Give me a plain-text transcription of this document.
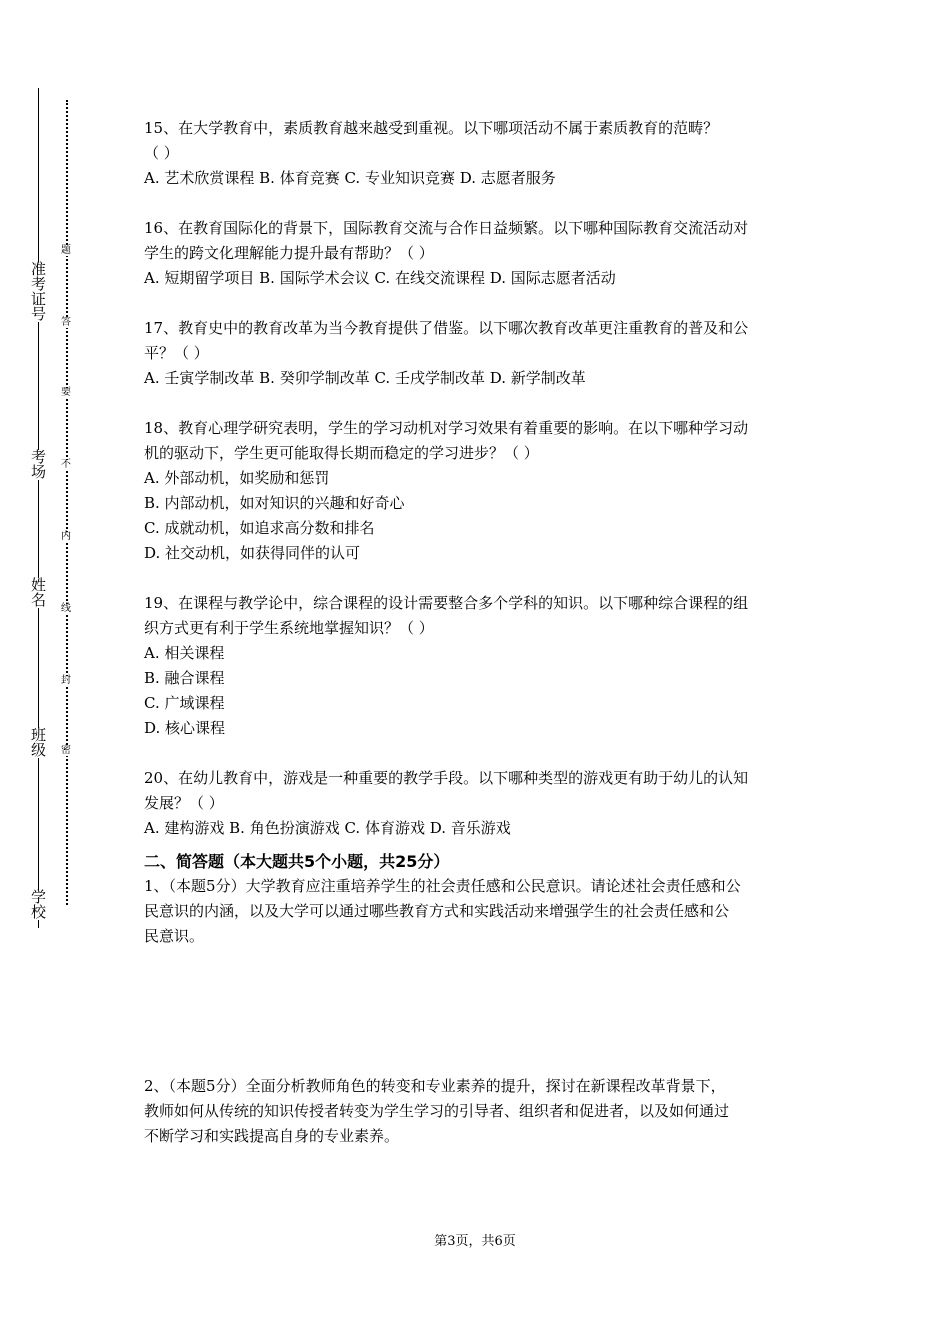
准
考
证
号
考
场
姓
名
班
级
学
校
题
答
要
不
内
线
封
密

15、在大学教育中，素质教育越来越受到重视。以下哪项活动不属于素质教育的范畴？

（ ）

A. 艺术欣赏课程 B. 体育竞赛 C. 专业知识竞赛 D. 志愿者服务

16、在教育国际化的背景下，国际教育交流与合作日益频繁。以下哪种国际教育交流活动对

学生的跨文化理解能力提升最有帮助？（ ）

A. 短期留学项目 B. 国际学术会议 C. 在线交流课程 D. 国际志愿者活动

17、教育史中的教育改革为当今教育提供了借鉴。以下哪次教育改革更注重教育的普及和公

平？（ ）

A. 壬寅学制改革 B. 癸卯学制改革 C. 壬戌学制改革 D. 新学制改革

18、教育心理学研究表明，学生的学习动机对学习效果有着重要的影响。在以下哪种学习动

机的驱动下，学生更可能取得长期而稳定的学习进步？（ ）

A. 外部动机，如奖励和惩罚

B. 内部动机，如对知识的兴趣和好奇心

C. 成就动机，如追求高分数和排名

D. 社交动机，如获得同伴的认可

19、在课程与教学论中，综合课程的设计需要整合多个学科的知识。以下哪种综合课程的组

织方式更有利于学生系统地掌握知识？（ ）

A. 相关课程

B. 融合课程

C. 广域课程

D. 核心课程

20、在幼儿教育中，游戏是一种重要的教学手段。以下哪种类型的游戏更有助于幼儿的认知

发展？（ ）

A. 建构游戏 B. 角色扮演游戏 C. 体育游戏 D. 音乐游戏

二、简答题（本大题共5个小题，共25分）

1、（本题5分）大学教育应注重培养学生的社会责任感和公民意识。请论述社会责任感和公

民意识的内涵，以及大学可以通过哪些教育方式和实践活动来增强学生的社会责任感和公

民意识。

2、（本题5分）全面分析教师角色的转变和专业素养的提升，探讨在新课程改革背景下，

教师如何从传统的知识传授者转变为学生学习的引导者、组织者和促进者，以及如何通过

不断学习和实践提高自身的专业素养。

第3页，共6页
